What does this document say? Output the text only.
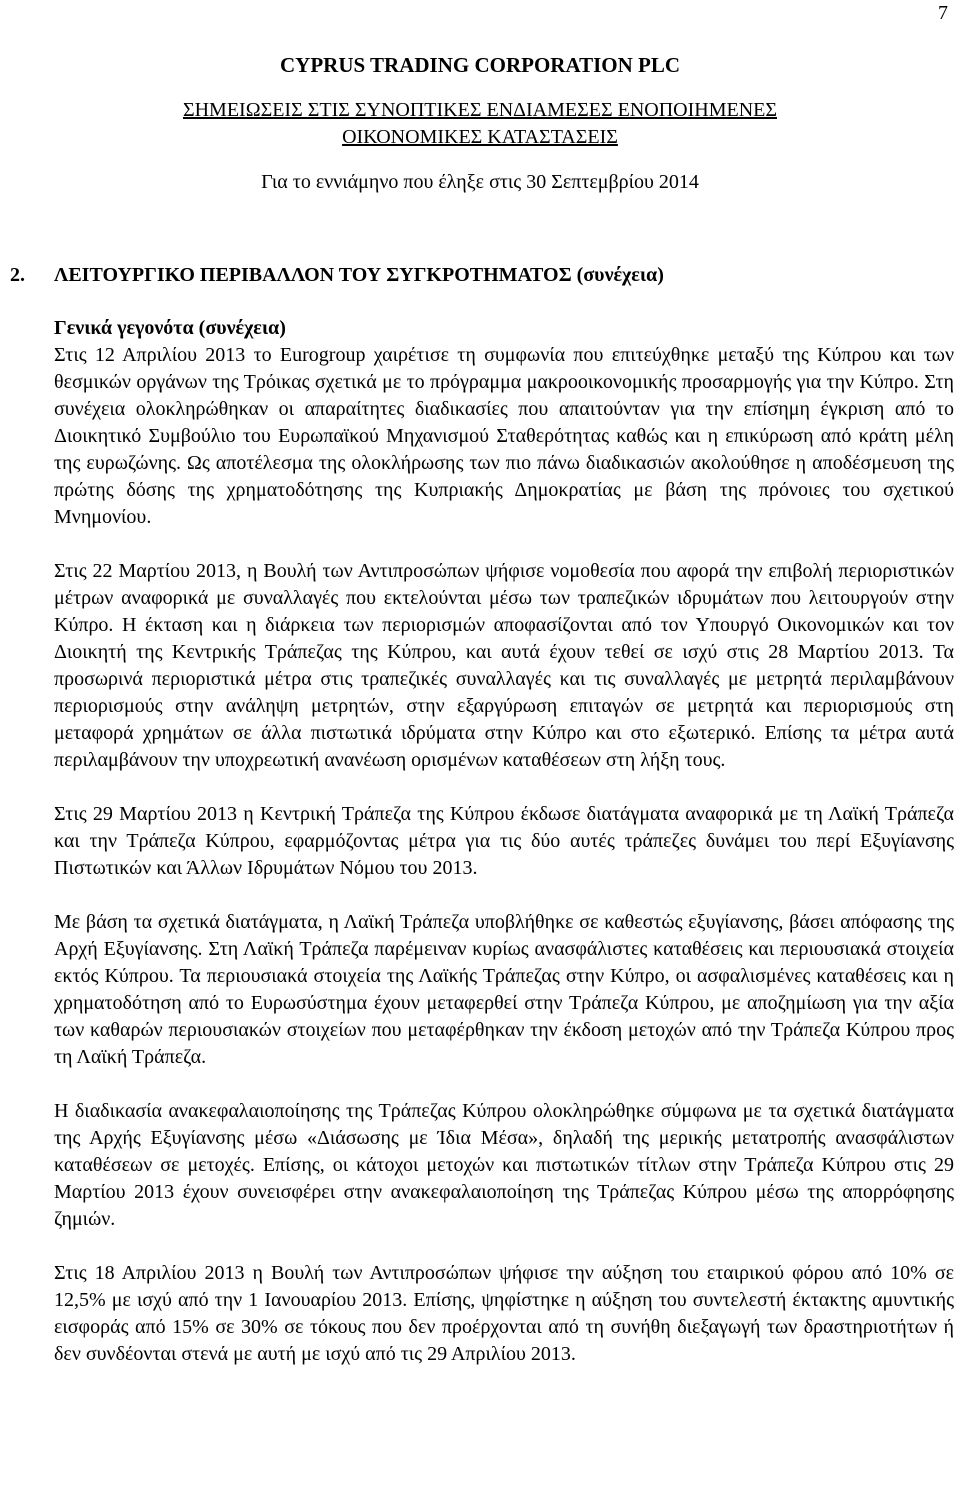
7

CYPRUS TRADING CORPORATION PLC

ΣΗΜΕΙΩΣΕΙΣ ΣΤΙΣ ΣΥΝΟΠΤΙΚΕΣ ΕΝΔΙΑΜΕΣΕΣ ΕΝΟΠΟΙΗΜΕΝΕΣ

ΟΙΚΟΝΟΜΙΚΕΣ ΚΑΤΑΣΤΑΣΕΙΣ

Για το εννιάμηνο που έληξε στις 30 Σεπτεμβρίου 2014

2. ΛΕΙΤΟΥΡΓΙΚΟ ΠΕΡΙΒΑΛΛΟΝ ΤΟΥ ΣΥΓΚΡΟΤΗΜΑΤΟΣ (συνέχεια)

Γενικά γεγονότα (συνέχεια)

Στις 12 Απριλίου 2013 το Eurogroup χαιρέτισε τη συμφωνία που επιτεύχθηκε μεταξύ της Κύπρου και των θεσμικών οργάνων της Τρόικας σχετικά με το πρόγραμμα μακροοικονομικής προσαρμογής για την Κύπρο. Στη συνέχεια ολοκληρώθηκαν οι απαραίτητες διαδικασίες που απαιτούνταν για την επίσημη έγκριση από το Διοικητικό Συμβούλιο του Ευρωπαϊκού Μηχανισμού Σταθερότητας καθώς και η επικύρωση από κράτη μέλη της ευρωζώνης. Ως αποτέλεσμα της ολοκλήρωσης των πιο πάνω διαδικασιών ακολούθησε η αποδέσμευση της πρώτης δόσης της χρηματοδότησης της Κυπριακής Δημοκρατίας με βάση της πρόνοιες του σχετικού Μνημονίου.

Στις 22 Μαρτίου 2013, η Βουλή των Αντιπροσώπων ψήφισε νομοθεσία που αφορά την επιβολή περιοριστικών μέτρων αναφορικά με συναλλαγές που εκτελούνται μέσω των τραπεζικών ιδρυμάτων που λειτουργούν στην Κύπρο. Η έκταση και η διάρκεια των περιορισμών αποφασίζονται από τον Υπουργό Οικονομικών και τον Διοικητή της Κεντρικής Τράπεζας της Κύπρου, και αυτά έχουν τεθεί σε ισχύ στις 28 Μαρτίου 2013. Τα προσωρινά περιοριστικά μέτρα στις τραπεζικές συναλλαγές και τις συναλλαγές με μετρητά περιλαμβάνουν περιορισμούς στην ανάληψη μετρητών, στην εξαργύρωση επιταγών σε μετρητά και περιορισμούς στη μεταφορά χρημάτων σε άλλα πιστωτικά ιδρύματα στην Κύπρο και στο εξωτερικό. Επίσης τα μέτρα αυτά περιλαμβάνουν την υποχρεωτική ανανέωση ορισμένων καταθέσεων στη λήξη τους.

Στις 29 Μαρτίου 2013 η Κεντρική Τράπεζα της Κύπρου έκδωσε διατάγματα αναφορικά με τη Λαϊκή Τράπεζα και την Τράπεζα Κύπρου, εφαρμόζοντας μέτρα για τις δύο αυτές τράπεζες δυνάμει του περί Εξυγίανσης Πιστωτικών και Άλλων Ιδρυμάτων Νόμου του 2013.

Με βάση τα σχετικά διατάγματα, η Λαϊκή Τράπεζα υποβλήθηκε σε καθεστώς εξυγίανσης, βάσει απόφασης της Αρχή Εξυγίανσης. Στη Λαϊκή Τράπεζα παρέμειναν κυρίως ανασφάλιστες καταθέσεις και περιουσιακά στοιχεία εκτός Κύπρου. Τα περιουσιακά στοιχεία της Λαϊκής Τράπεζας στην Κύπρο, οι ασφαλισμένες καταθέσεις και η χρηματοδότηση από το Ευρωσύστημα έχουν μεταφερθεί στην Τράπεζα Κύπρου, με αποζημίωση για την αξία των καθαρών περιουσιακών στοιχείων που μεταφέρθηκαν την έκδοση μετοχών από την Τράπεζα Κύπρου προς τη Λαϊκή Τράπεζα.

Η διαδικασία ανακεφαλαιοποίησης της Τράπεζας Κύπρου ολοκληρώθηκε σύμφωνα με τα σχετικά διατάγματα της Αρχής Εξυγίανσης μέσω «Διάσωσης με Ίδια Μέσα», δηλαδή της μερικής μετατροπής ανασφάλιστων καταθέσεων σε μετοχές. Επίσης, οι κάτοχοι μετοχών και πιστωτικών τίτλων στην Τράπεζα Κύπρου στις 29 Μαρτίου 2013 έχουν συνεισφέρει στην ανακεφαλαιοποίηση της Τράπεζας Κύπρου μέσω της απορρόφησης ζημιών.

Στις 18 Απριλίου 2013 η Βουλή των Αντιπροσώπων ψήφισε την αύξηση του εταιρικού φόρου από 10% σε 12,5% με ισχύ από την 1 Ιανουαρίου 2013. Επίσης, ψηφίστηκε η αύξηση του συντελεστή έκτακτης αμυντικής εισφοράς από 15% σε 30% σε τόκους που δεν προέρχονται από τη συνήθη διεξαγωγή των δραστηριοτήτων ή δεν συνδέονται στενά με αυτή με ισχύ από τις 29 Απριλίου 2013.
